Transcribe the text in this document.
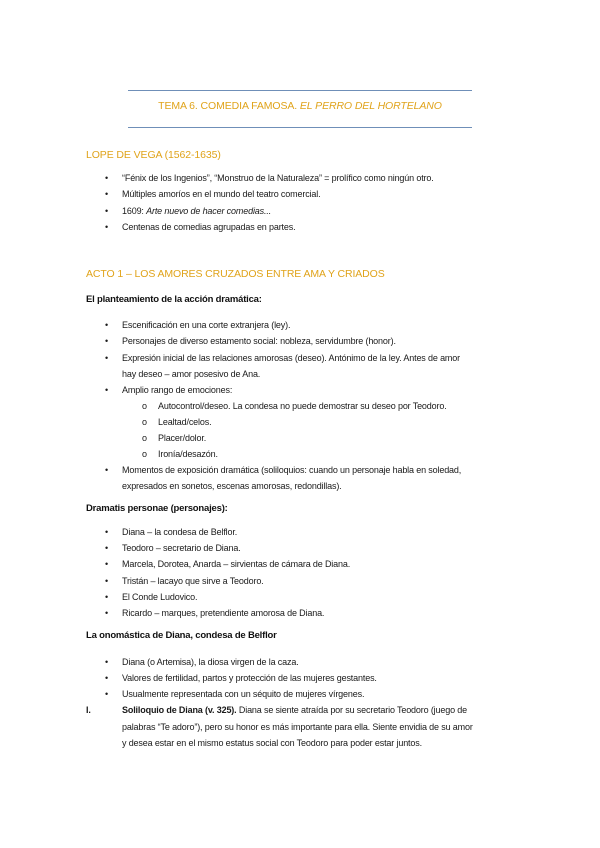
TEMA 6. COMEDIA FAMOSA. EL PERRO DEL HORTELANO
LOPE DE VEGA (1562-1635)
• “Fénix de los Ingenios”, “Monstruo de la Naturaleza” = prolífico como ningún otro.
• Múltiples amoríos en el mundo del teatro comercial.
• 1609: Arte nuevo de hacer comedias...
• Centenas de comedias agrupadas en partes.
ACTO 1 – LOS AMORES CRUZADOS ENTRE AMA Y CRIADOS
El planteamiento de la acción dramática:
• Escenificación en una corte extranjera (ley).
• Personajes de diverso estamento social: nobleza, servidumbre (honor).
• Expresión inicial de las relaciones amorosas (deseo). Antónimo de la ley. Antes de amor
hay deseo – amor posesivo de Ana.
• Amplio rango de emociones:
o Autocontrol/deseo. La condesa no puede demostrar su deseo por Teodoro.
o Lealtad/celos.
o Placer/dolor.
o Ironía/desazón.
• Momentos de exposición dramática (soliloquios: cuando un personaje habla en soledad,
expresados en sonetos, escenas amorosas, redondillas).
Dramatis personae (personajes):
• Diana – la condesa de Belflor.
• Teodoro – secretario de Diana.
• Marcela, Dorotea, Anarda – sirvientas de cámara de Diana.
• Tristán – lacayo que sirve a Teodoro.
• El Conde Ludovico.
• Ricardo – marques, pretendiente amorosa de Diana.
La onomástica de Diana, condesa de Belflor
• Diana (o Artemisa), la diosa virgen de la caza.
• Valores de fertilidad, partos y protección de las mujeres gestantes.
• Usualmente representada con un séquito de mujeres vírgenes.
I.	Soliloquio de Diana (v. 325). Diana se siente atraída por su secretario Teodoro (juego de
palabras “Te adoro”), pero su honor es más importante para ella. Siente envidia de su amor
y desea estar en el mismo estatus social con Teodoro para poder estar juntos.
